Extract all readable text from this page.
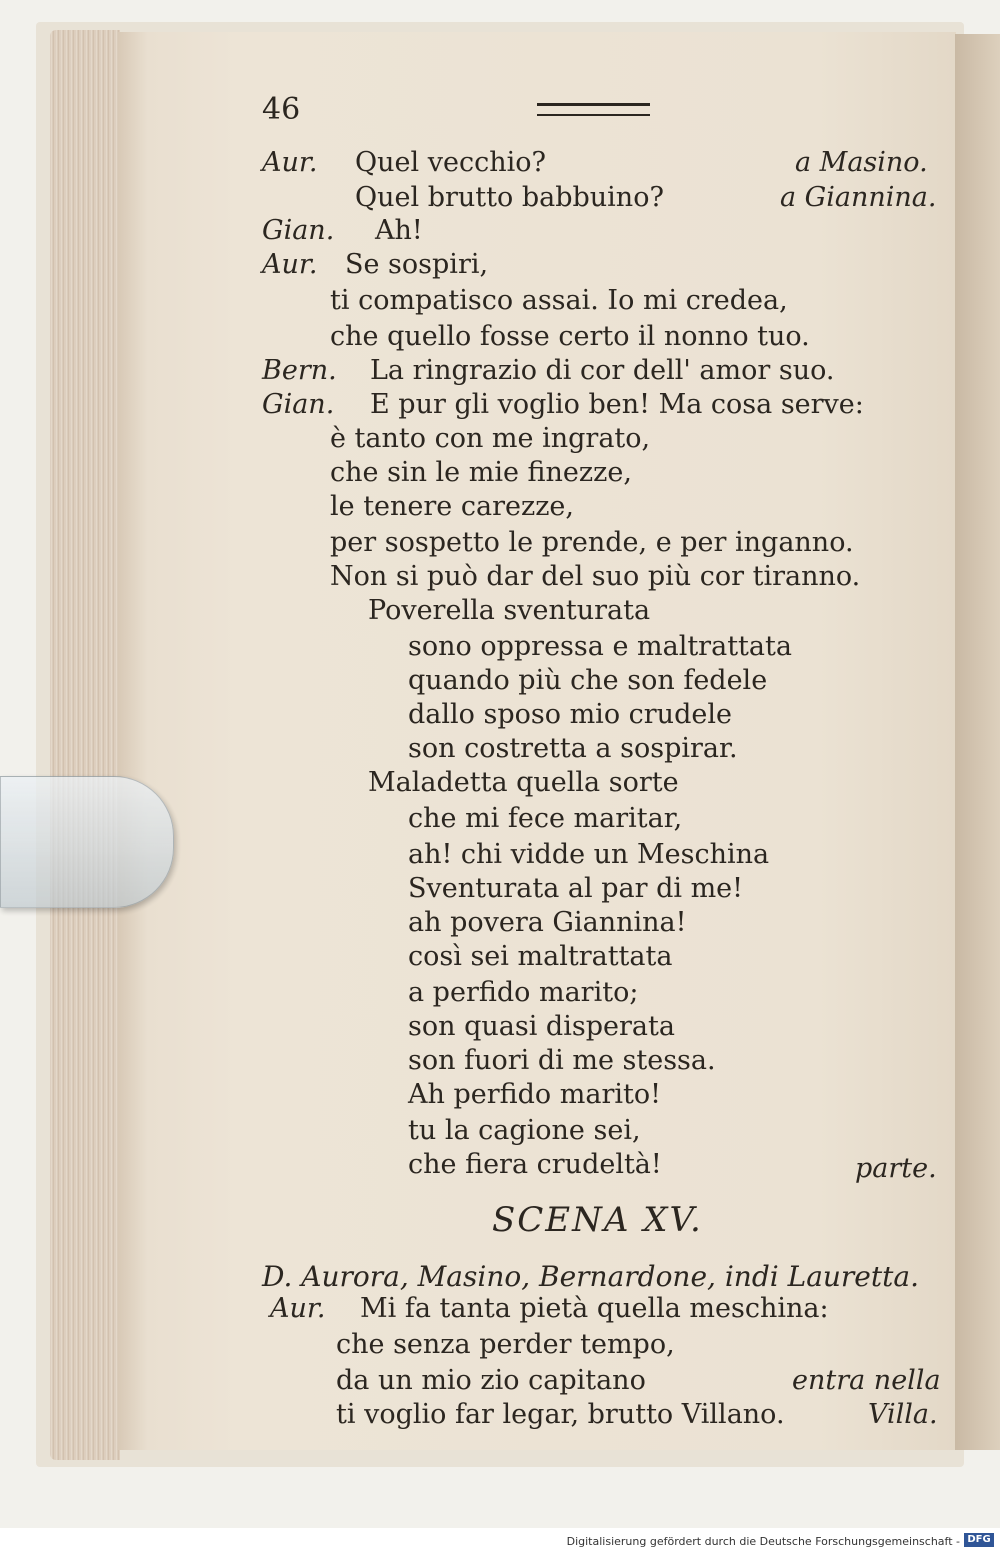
46
Aur. Quel vecchio?	a Masino.
Quel brutto babbuino?	a Giannina.
Gian. Ah!
Aur. Se sospiri,
ti compatisco assai. Io mi credea,
che quello fosse certo il nonno tuo.
Bern. La ringrazio di cor dell' amor suo.
Gian. E pur gli voglio ben! Ma cosa serve:
è tanto con me ingrato,
che sin le mie finezze,
le tenere carezze,
per sospetto le prende, e per inganno.
Non si può dar del suo più cor tiranno.
Poverella sventurata
sono oppressa e maltrattata
quando più che son fedele
dallo sposo mio crudele
son costretta a sospirar.
Maladetta quella sorte
che mi fece maritar,
ah! chi vidde un Meschina
Sventurata al par di me!
ah povera Giannina!
così sei maltrattata
a perfido marito;
son quasi disperata
son fuori di me stessa.
Ah perfido marito!
tu la cagione sei,
che fiera crudeltà!	parte.
SCENA XV.
D. Aurora, Masino, Bernardone, indi Lauretta.
Aur. Mi fa tanta pietà quella meschina:
che senza perder tempo,
da un mio zio capitano	entra nella
ti voglio far legar, brutto Villano.	Villa.
Digitalisierung gefördert durch die Deutsche Forschungsgemeinschaft - DFG
